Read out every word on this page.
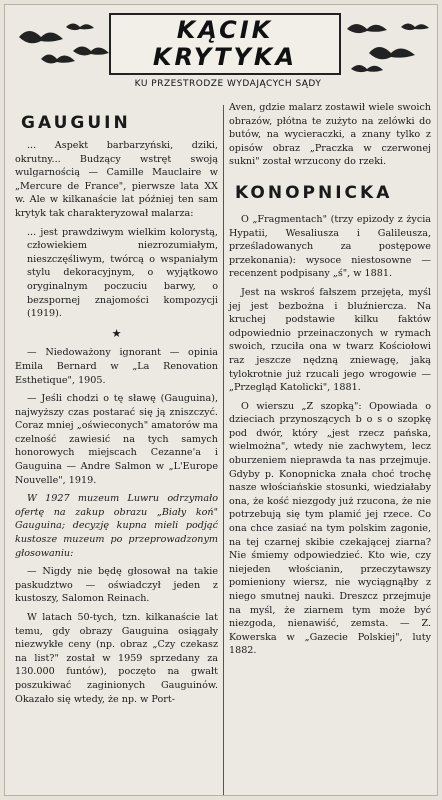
KĄCIK
KRYTYKA
KU PRZESTRODZE WYDAJĄCYCH SĄDY
GAUGUIN

... Aspekt barbarzyński, dziki, okrutny... Budzący wstręt swoją wulgarnością — Camille Mauclaire w „Mercure de France", pierwsze lata XX w. Ale w kilkanaście lat później ten sam krytyk tak charakteryzował malarza:

... jest prawdziwym wielkim kolorystą, człowiekiem niezrozumiałym, nieszczęśliwym, twórcą o wspaniałym stylu dekoracyjnym, o wyjątkowo oryginalnym poczuciu barwy, o bezspornej znajomości kompozycji (1919).

★

— Niedoważony ignorant — opinia Emila Bernard w „La Renovation Esthetique", 1905.

— Jeśli chodzi o tę sławę (Gauguina), najwyższy czas postarać się ją zniszczyć. Coraz mniej „oświeconych" amatorów ma czelność zawiesić na tych samych honorowych miejscach Cezanne'a i Gauguina — Andre Salmon w „L'Europe Nouvelle", 1919.

W 1927 muzeum Luwru odrzymało ofertę na zakup obrazu „Biały koń" Gauguina; decyzję kupna mieli podjąć kustosze muzeum po przeprowadzonym głosowaniu:

— Nigdy nie będę głosował na takie paskudztwo — oświadczył jeden z kustoszy, Salomon Reinach.

W latach 50-tych, tzn. kilkanaście lat temu, gdy obrazy Gauguina osiągały niezwykłe ceny (np. obraz „Czy czekasz na list?" został w 1959 sprzedany za 130.000 funtów), poczęto na gwałt poszukiwać zaginionych Gauguinów. Okazało się wtedy, że np. w Port-

Aven, gdzie malarz zostawił wiele swoich obrazów, płótna te zużyto na zelówki do butów, na wycieraczki, a znany tylko z opisów obraz „Praczka w czerwonej sukni" został wrzucony do rzeki.

KONOPNICKA

O „Fragmentach" (trzy epizody z życia Hypatii, Wesaliusza i Galileusza, prześladowanych za postępowe przekonania): wysoce niestosowne — recenzent podpisany „ś", w 1881.

Jest na wskroś fałszem przejęta, myśl jej jest bezbożna i bluźniercza. Na kruchej podstawie kilku faktów odpowiednio przeinaczonych w rymach swoich, rzuciła ona w twarz Kościołowi raz jeszcze nędzną zniewagę, jaką tylokrotnie już rzucali jego wrogowie — „Przegląd Katolicki", 1881.

O wierszu „Z szopką": Opowiada o dzieciach przynoszących b o s o szopkę pod dwór, który „jest rzecz pańska, wielmożna", wtedy nie zachwytem, lecz oburzeniem nieprawda ta nas przejmuje. Gdyby p. Konopnicka znała choć trochę nasze włościańskie stosunki, wiedziałaby ona, że kość niezgody już rzucona, że nie potrzebują się tym plamić jej rzece. Co ona chce zasiać na tym polskim zagonie, na tej czarnej skibie czekającej ziarna? Nie śmiemy odpowiedzieć. Kto wie, czy niejeden włościanin, przeczytawszy pomieniony wiersz, nie wyciągnąłby z niego smutnej nauki. Dreszcz przejmuje na myśl, że ziarnem tym może być niezgoda, nienawiść, zemsta. — Z. Kowerska w „Gazecie Polskiej", luty 1882.
